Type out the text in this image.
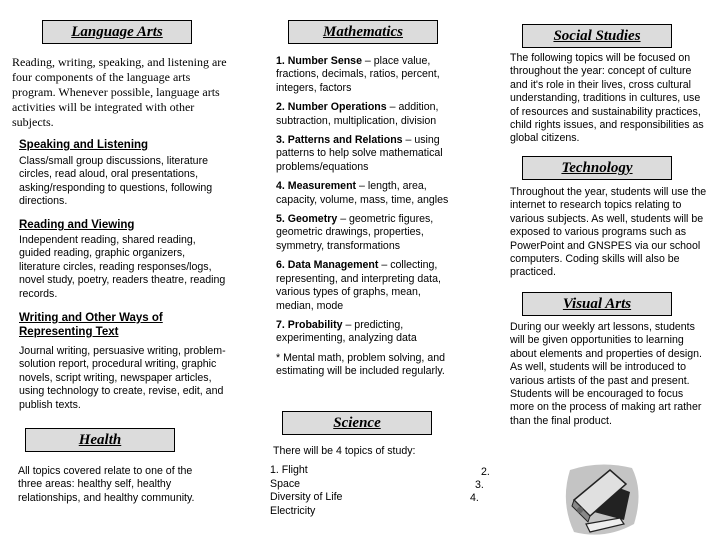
Language Arts
Reading, writing, speaking, and listening are four components of the language arts program. Whenever possible, language arts activities will be integrated with other subjects.
Speaking and Listening
Class/small group discussions, literature circles, read aloud, oral presentations, asking/responding to questions, following directions.
Reading and Viewing
Independent reading, shared reading, guided reading, graphic organizers, literature circles, reading responses/logs, novel study, poetry, readers theatre, reading records.
Writing and Other Ways of Representing Text
Journal writing, persuasive writing, problem-solution report, procedural writing, graphic novels, script writing, newspaper articles, using technology to create, revise, edit, and publish texts.
Health
All topics covered relate to one of the three areas: healthy self, healthy relationships, and healthy community.
Mathematics

1. Number Sense – place value, fractions, decimals, ratios, percent, integers, factors

2. Number Operations – addition, subtraction, multiplication, division

3. Patterns and Relations – using patterns to help solve mathematical problems/equations

4. Measurement – length, area, capacity, volume, mass, time, angles

5. Geometry – geometric figures, geometric drawings, properties, symmetry, transformations

6. Data Management – collecting, representing, and interpreting data, various types of graphs, mean, median, mode

7. Probability – predicting, experimenting, analyzing data

* Mental math, problem solving, and estimating will be included regularly.

Science
There will be 4 topics of study:
1. Flight
Space
Diversity of Life
Electricity
2.
3.
4.
Social Studies
The following topics will be focused on throughout the year: concept of culture and it's role in their lives, cross cultural understanding, traditions in cultures, use of resources and sustainability practices, child rights issues, and responsibilities as global citizens.
Technology
Throughout the year, students will use the internet to research topics relating to various subjects. As well, students will be exposed to various programs such as PowerPoint and GNSPES via our school computers. Coding skills will also be practiced.
Visual Arts
During our weekly art lessons, students will be given opportunities to learning about elements and properties of design. As well, students will be introduced to various artists of the past and present. Students will be encouraged to focus more on the process of making art rather than the final product.
